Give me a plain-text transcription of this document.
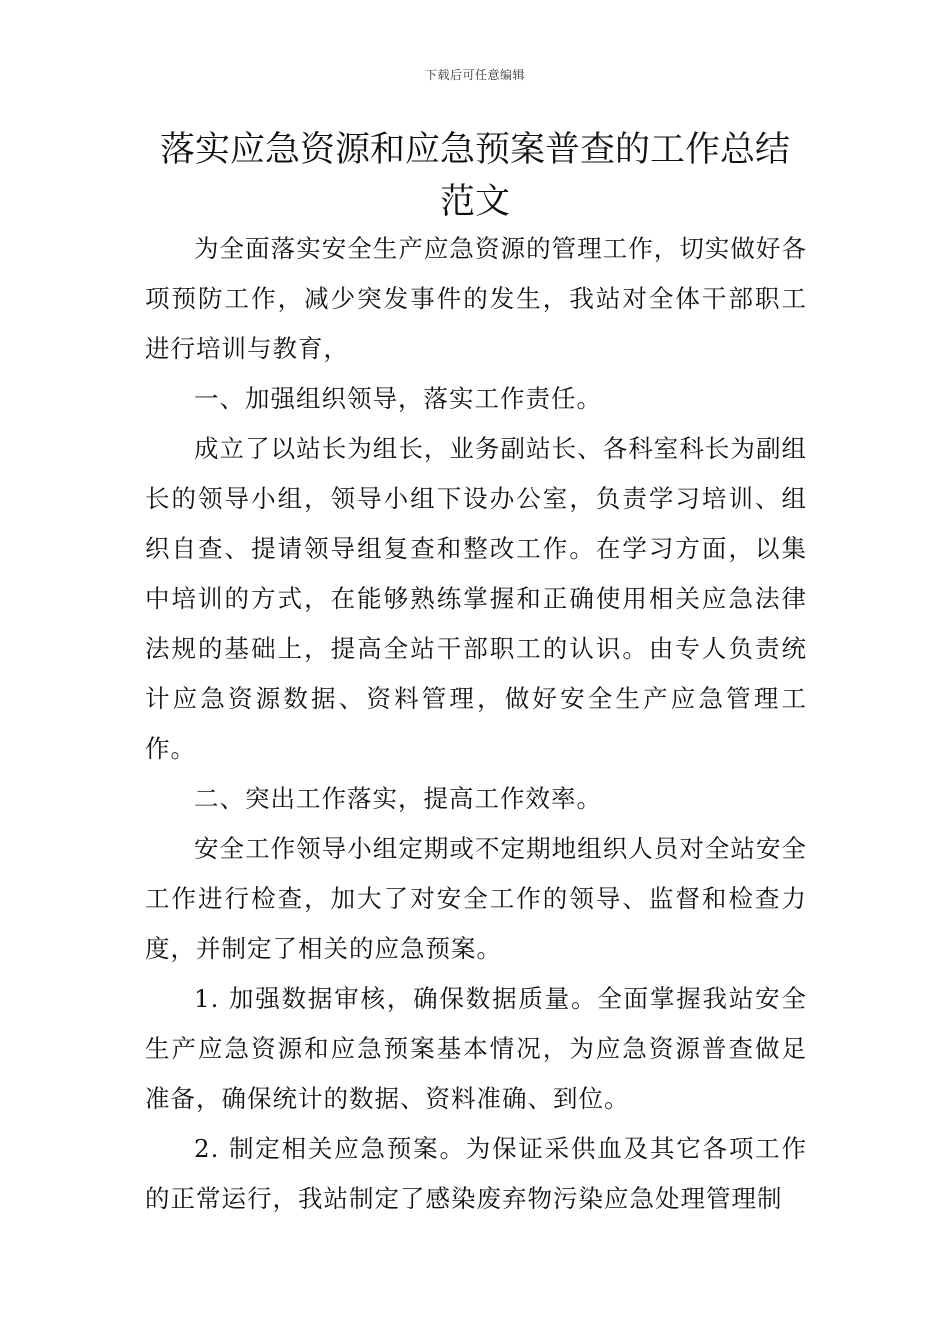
下载后可任意编辑
落实应急资源和应急预案普查的工作总结
范文

为全面落实安全生产应急资源的管理工作，切实做好各项预防工作，减少突发事件的发生，我站对全体干部职工进行培训与教育，

一、加强组织领导，落实工作责任。

成立了以站长为组长，业务副站长、各科室科长为副组长的领导小组，领导小组下设办公室，负责学习培训、组织自查、提请领导组复查和整改工作。在学习方面，以集中培训的方式，在能够熟练掌握和正确使用相关应急法律法规的基础上，提高全站干部职工的认识。由专人负责统计应急资源数据、资料管理，做好安全生产应急管理工作。

二、突出工作落实，提高工作效率。

安全工作领导小组定期或不定期地组织人员对全站安全工作进行检查，加大了对安全工作的领导、监督和检查力度，并制定了相关的应急预案。

1. 加强数据审核，确保数据质量。全面掌握我站安全生产应急资源和应急预案基本情况，为应急资源普查做足准备，确保统计的数据、资料准确、到位。

2. 制定相关应急预案。为保证采供血及其它各项工作的正常运行，我站制定了感染废弃物污染应急处理管理制
